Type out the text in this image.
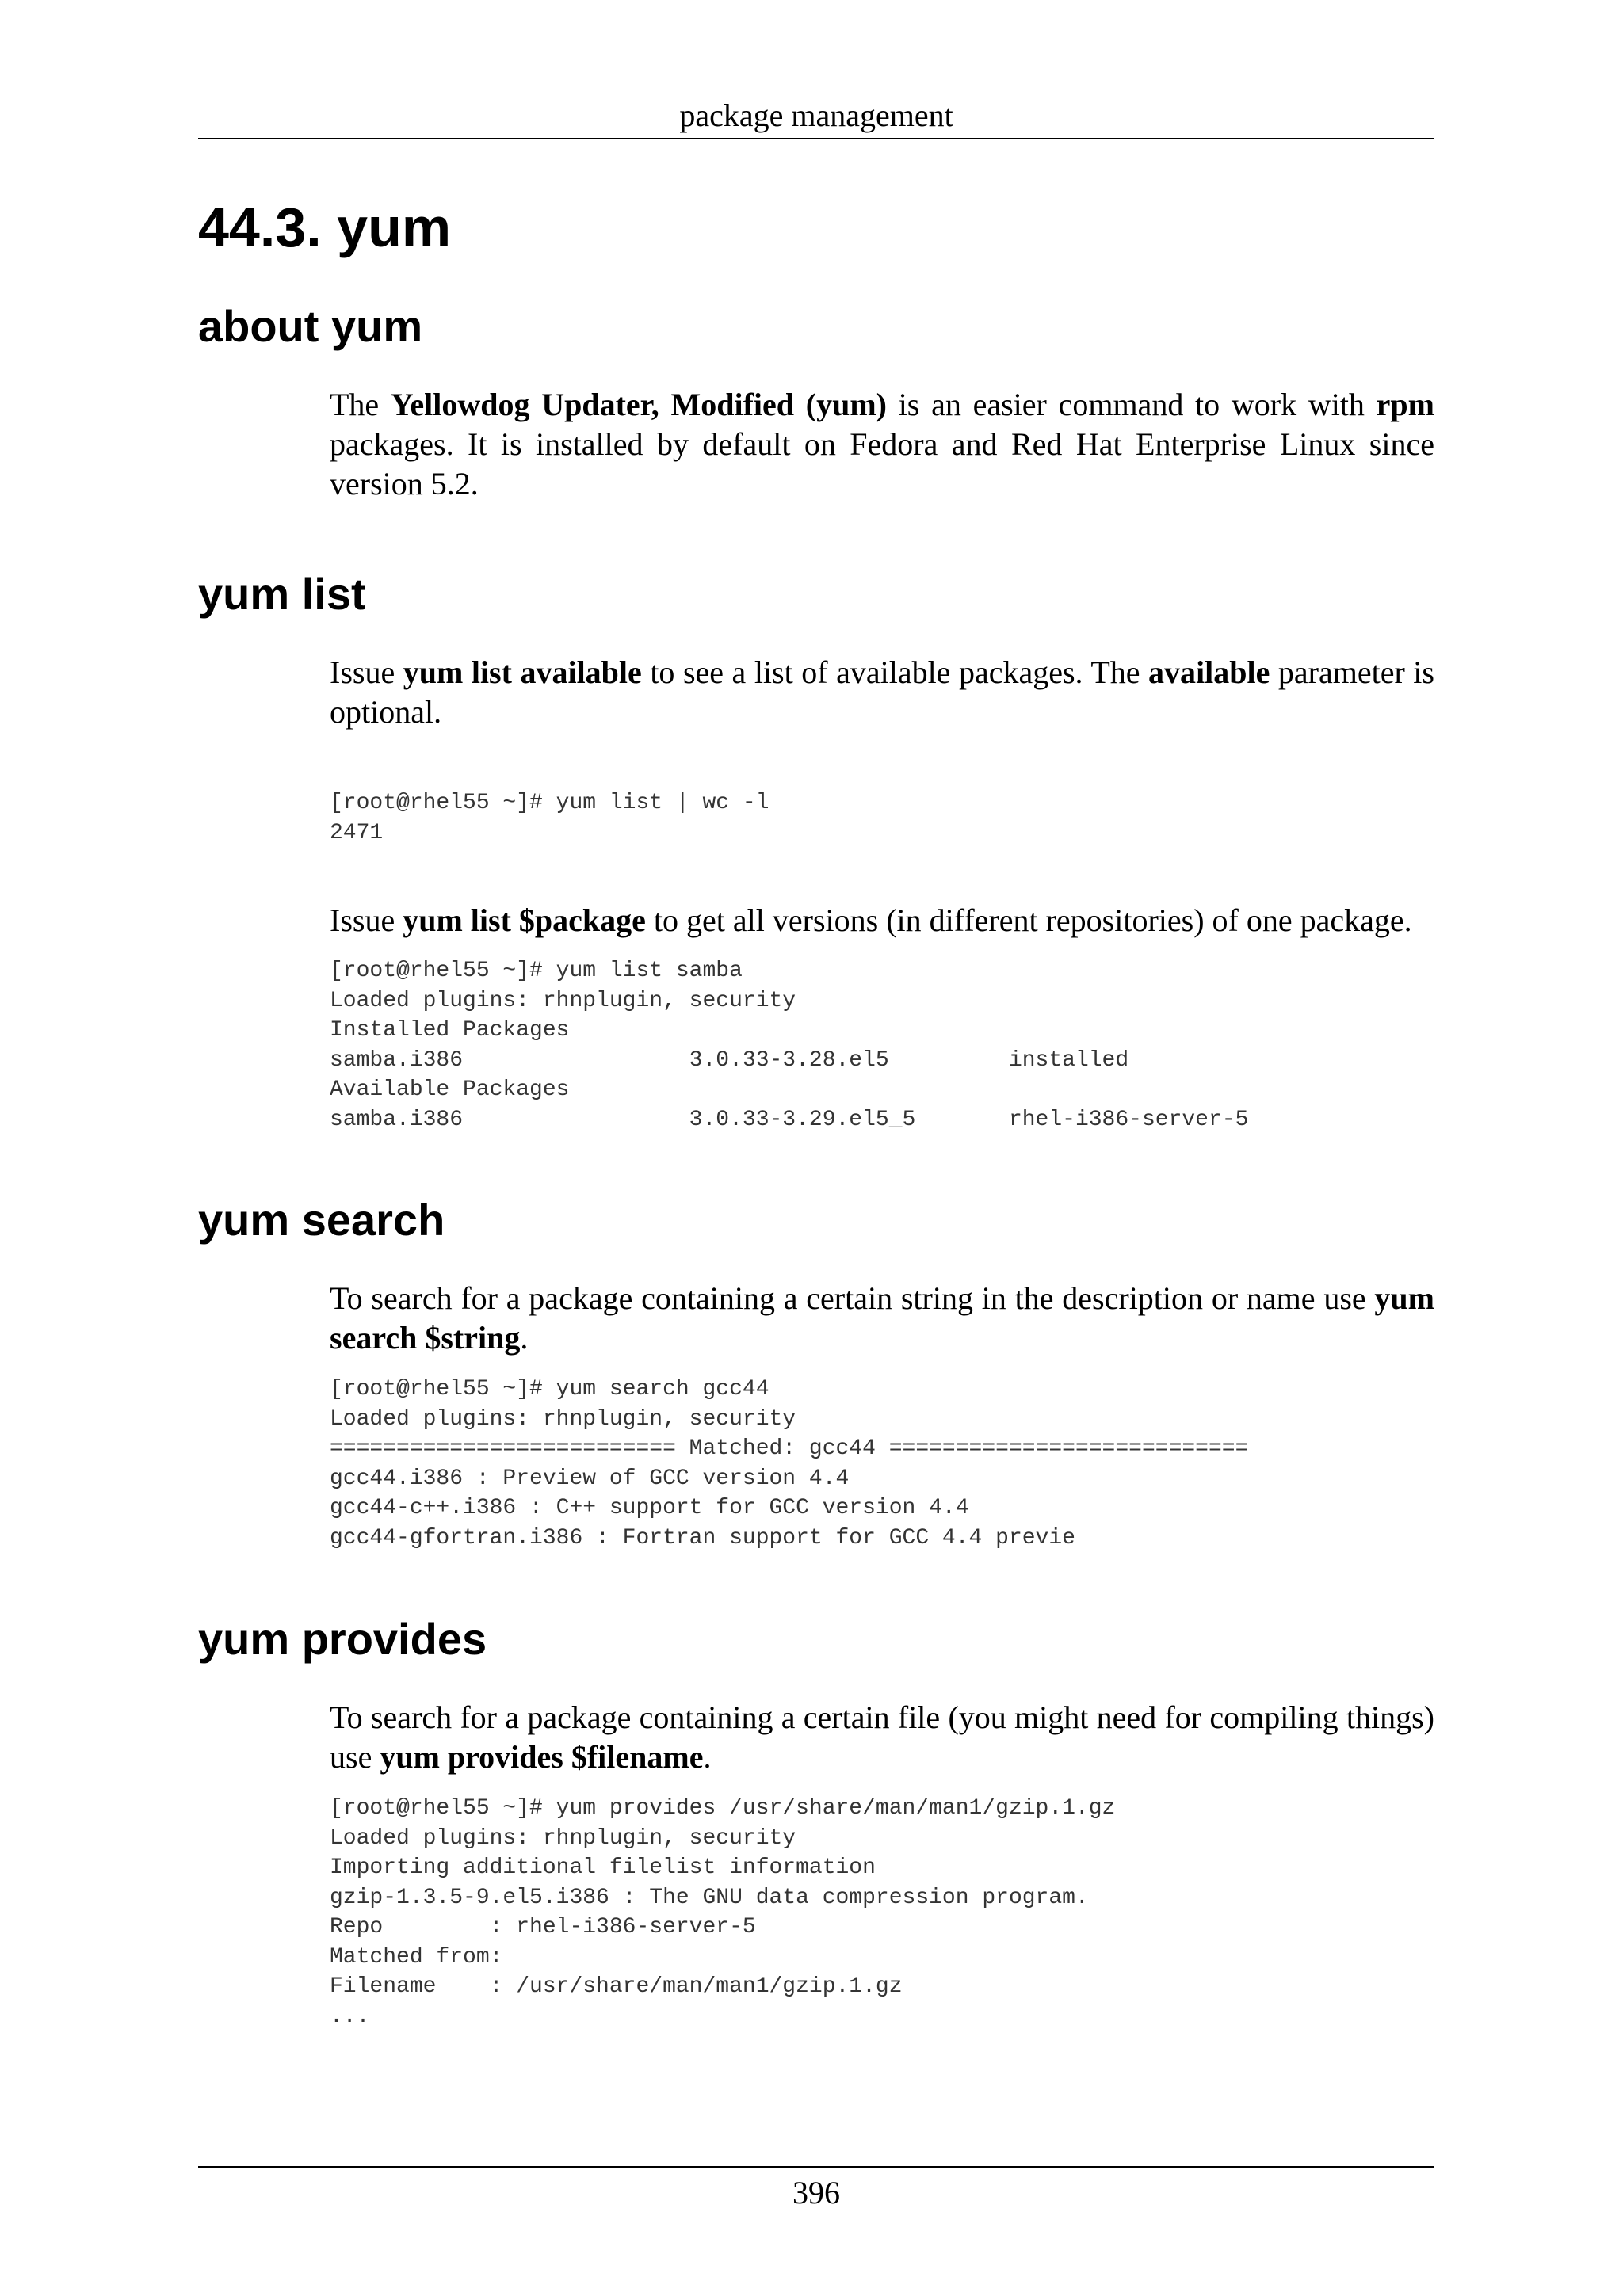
package management
44.3. yum
about yum

The Yellowdog Updater, Modified (yum) is an easier command to work with rpm packages. It is installed by default on Fedora and Red Hat Enterprise Linux since version 5.2.

yum list

Issue yum list available to see a list of available packages. The available parameter is optional.

[root@rhel55 ~]# yum list | wc -l
2471

Issue yum list $package to get all versions (in different repositories) of one package.

[root@rhel55 ~]# yum list samba
Loaded plugins: rhnplugin, security
Installed Packages
samba.i386                 3.0.33-3.28.el5         installed
Available Packages
samba.i386                 3.0.33-3.29.el5_5       rhel-i386-server-5
yum search

To search for a package containing a certain string in the description or name use yum search $string.

[root@rhel55 ~]# yum search gcc44
Loaded plugins: rhnplugin, security
========================== Matched: gcc44 ===========================
gcc44.i386 : Preview of GCC version 4.4
gcc44-c++.i386 : C++ support for GCC version 4.4
gcc44-gfortran.i386 : Fortran support for GCC 4.4 previe
yum provides

To search for a package containing a certain file (you might need for compiling things) use yum provides $filename.

[root@rhel55 ~]# yum provides /usr/share/man/man1/gzip.1.gz
Loaded plugins: rhnplugin, security
Importing additional filelist information
gzip-1.3.5-9.el5.i386 : The GNU data compression program.
Repo        : rhel-i386-server-5
Matched from:
Filename    : /usr/share/man/man1/gzip.1.gz
...
396
